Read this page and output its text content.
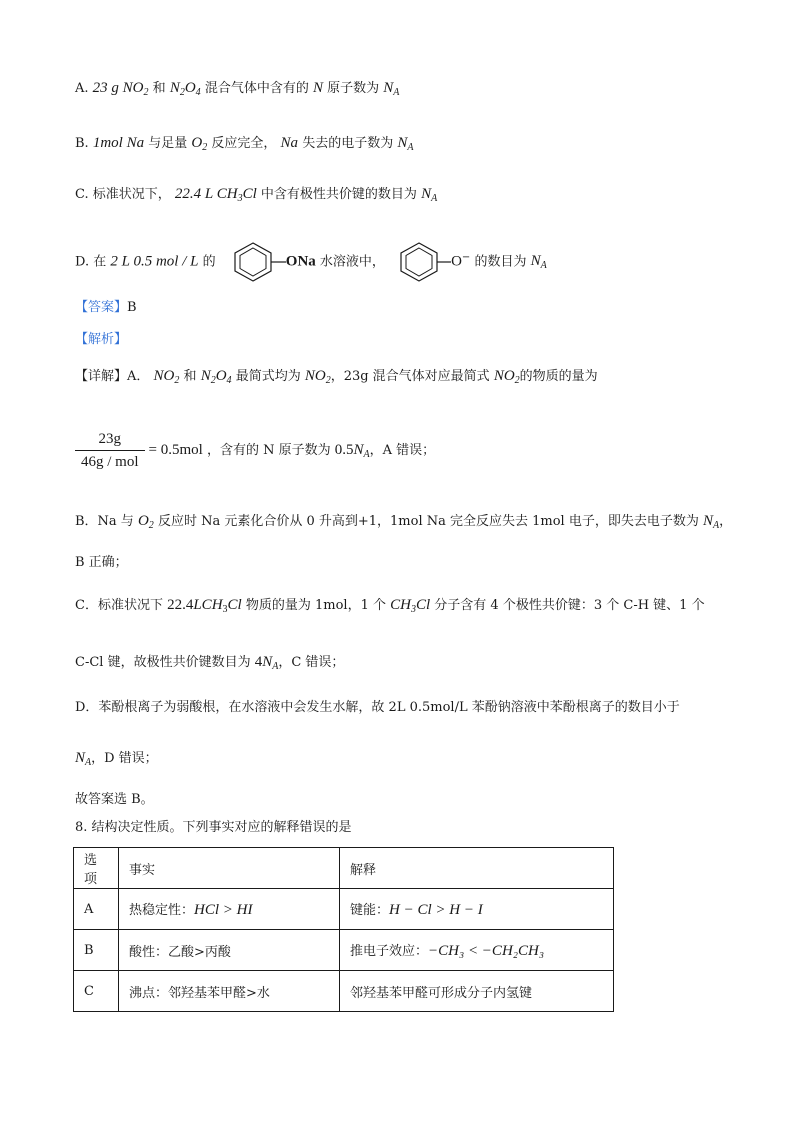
A. 23 g $NO_2$ 和 $N_2O_4$ 混合气体中含有的 N 原子数为 $N_A$
B. 1mol Na 与足量 $O_2$ 反应完全， Na 失去的电子数为 $N_A$
C. 标准状况下， 22.4 L $CH_3Cl$ 中含有极性共价键的数目为 $N_A$
D. 在 2 L 0.5 mol / L 的	ONa 水溶液中，	O− 的数目为 $N_A$
【答案】B
【解析】
【详解】A． $NO_2$ 和 $N_2O_4$ 最简式均为 $NO_2$，23g 混合气体对应最简式 $NO_2$的物质的量为
$\frac{23g}{\text{46g / mol}} = 0.5mol$ ，含有的 N 原子数为 $0.5N_A$，A 错误；
B．Na 与 $O_2$ 反应时 Na 元素化合价从 0 升高到+1，1mol Na 完全反应失去 1mol 电子，即失去电子数为 $N_A$，
B 正确；
C．标准状况下 $22.4LCH_3Cl$ 物质的量为 1mol，1 个 $CH_3Cl$ 分子含有 4 个极性共价键：3 个 C-H 键、1 个
C-Cl 键，故极性共价键数目为 $4N_A$，C 错误；
D．苯酚根离子为弱酸根，在水溶液中会发生水解，故 2L 0.5mol/L 苯酚钠溶液中苯酚根离子的数目小于
$N_A$，D 错误；
故答案选 B。
8. 结构决定性质。下列事实对应的解释错误的是
选项	事实	解释
A	热稳定性：HCl > HI	键能：H − Cl > H − I
B	酸性：乙酸>丙酸	推电子效应：−CH₃ < −CH₂CH₃
C	沸点：邻羟基苯甲醛>水	邻羟基苯甲醛可形成分子内氢键
